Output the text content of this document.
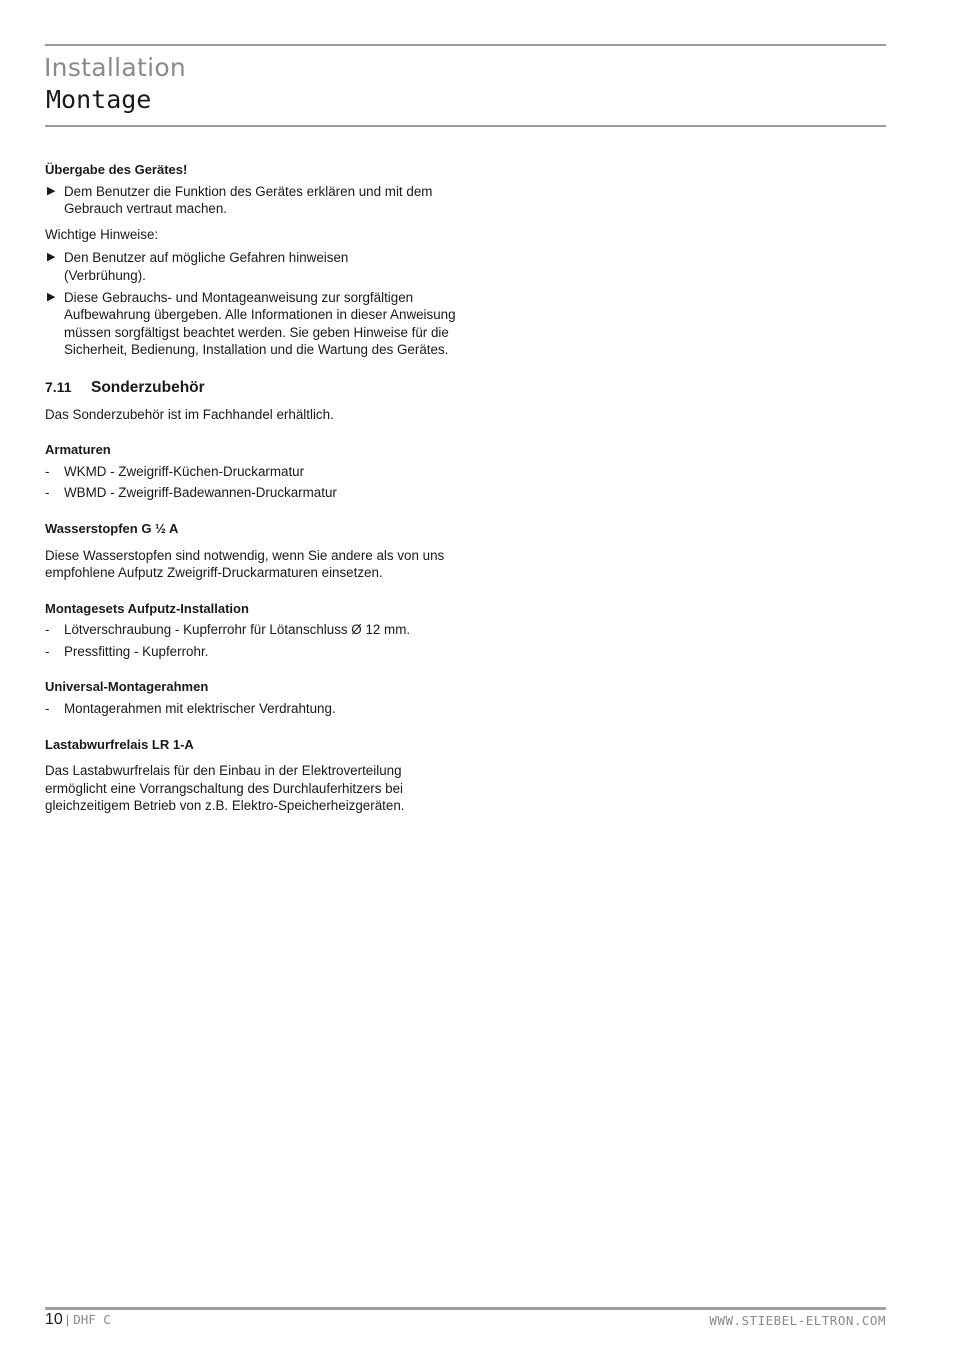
Installation
Montage

Übergabe des Gerätes!

▶ Dem Benutzer die Funktion des Gerätes erklären und mit dem Gebrauch vertraut machen.

Wichtige Hinweise:

▶ Den Benutzer auf mögliche Gefahren hinweisen (Verbrühung).
▶ Diese Gebrauchs- und Montageanweisung zur sorgfältigen Aufbewahrung übergeben. Alle Informationen in dieser Anweisung müssen sorgfältigst beachtet werden. Sie geben Hinweise für die Sicherheit, Bedienung, Installation und die Wartung des Gerätes.
7.11	Sonderzubehör

Das Sonderzubehör ist im Fachhandel erhältlich.

Armaturen

- WKMD - Zweigriff-Küchen-Druckarmatur
- WBMD - Zweigriff-Badewannen-Druckarmatur

Wasserstopfen G ½ A

Diese Wasserstopfen sind notwendig, wenn Sie andere als von uns empfohlene Aufputz Zweigriff-Druckarmaturen einsetzen.

Montagesets Aufputz-Installation

- Lötverschraubung - Kupferrohr für Lötanschluss Ø 12 mm.
- Pressfitting - Kupferrohr.

Universal-Montagerahmen

- Montagerahmen mit elektrischer Verdrahtung.

Lastabwurfrelais LR 1-A

Das Lastabwurfrelais für den Einbau in der Elektroverteilung ermöglicht eine Vorrangschaltung des Durchlauferhitzers bei gleichzeitigem Betrieb von z.B. Elektro-Speicherheizgeräten.

10 | DHF C	WWW.STIEBEL-ELTRON.COM
